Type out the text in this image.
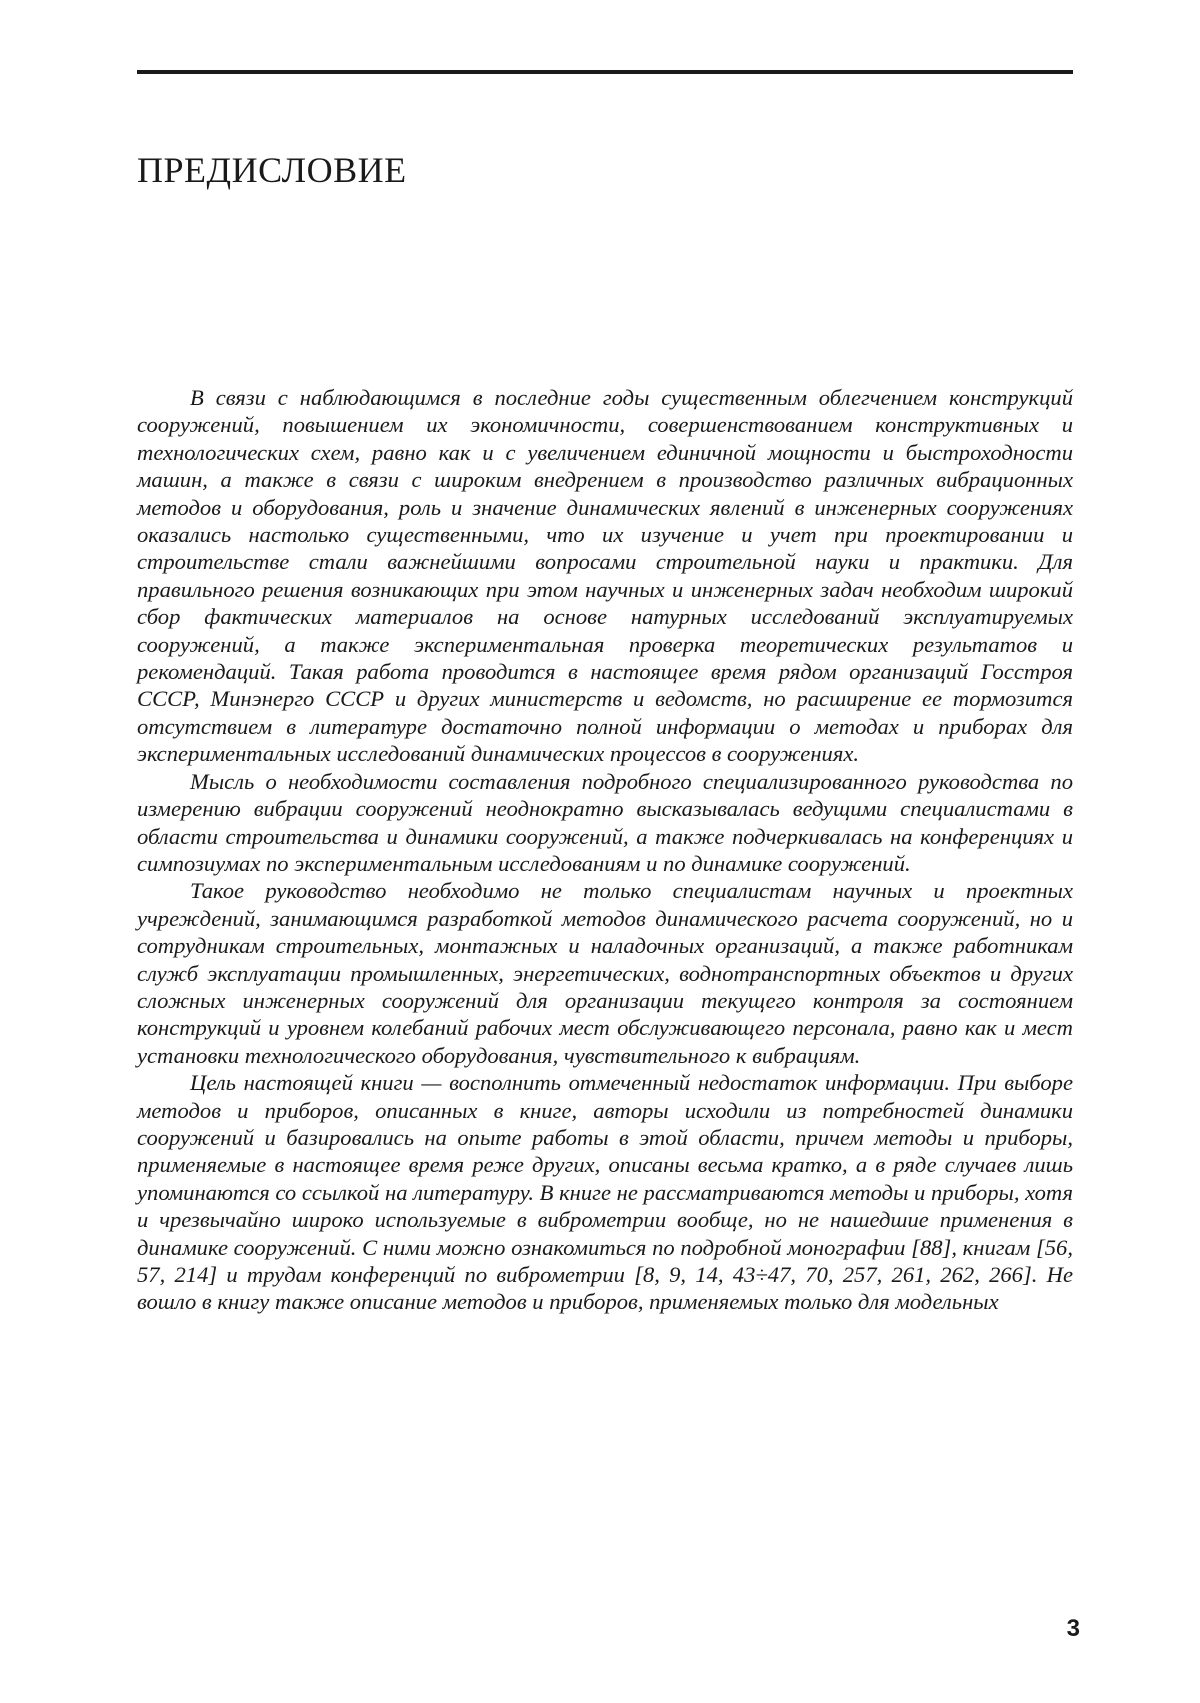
ПРЕДИСЛОВИЕ

В связи с наблюдающимся в последние годы существенным облегчением конструкций сооружений, повышением их экономичности, совершенствованием конструктивных и технологических схем, равно как и с увеличением единичной мощности и быстроходности машин, а также в связи с широким внедрением в производство различных вибрационных методов и оборудования, роль и значение динамических явлений в инженерных сооружениях оказались настолько существенными, что их изучение и учет при проектировании и строительстве стали важнейшими вопросами строительной науки и практики. Для правильного решения возникающих при этом научных и инженерных задач необходим широкий сбор фактических материалов на основе натурных исследований эксплуатируемых сооружений, а также экспериментальная проверка теоретических результатов и рекомендаций. Такая работа проводится в настоящее время рядом организаций Госстроя СССР, Минэнерго СССР и других министерств и ведомств, но расширение ее тормозится отсутствием в литературе достаточно полной информации о методах и приборах для экспериментальных исследований динамических процессов в сооружениях.

Мысль о необходимости составления подробного специализированного руководства по измерению вибрации сооружений неоднократно высказывалась ведущими специалистами в области строительства и динамики сооружений, а также подчеркивалась на конференциях и симпозиумах по экспериментальным исследованиям и по динамике сооружений.

Такое руководство необходимо не только специалистам научных и проектных учреждений, занимающимся разработкой методов динамического расчета сооружений, но и сотрудникам строительных, монтажных и наладочных организаций, а также работникам служб эксплуатации промышленных, энергетических, воднотранспортных объектов и других сложных инженерных сооружений для организации текущего контроля за состоянием конструкций и уровнем колебаний рабочих мест обслуживающего персонала, равно как и мест установки технологического оборудования, чувствительного к вибрациям.

Цель настоящей книги — восполнить отмеченный недостаток информации. При выборе методов и приборов, описанных в книге, авторы исходили из потребностей динамики сооружений и базировались на опыте работы в этой области, причем методы и приборы, применяемые в настоящее время реже других, описаны весьма кратко, а в ряде случаев лишь упоминаются со ссылкой на литературу. В книге не рассматриваются методы и приборы, хотя и чрезвычайно широко используемые в виброметрии вообще, но не нашедшие применения в динамике сооружений. С ними можно ознакомиться по подробной монографии [88], книгам [56, 57, 214] и трудам конференций по виброметрии [8, 9, 14, 43÷47, 70, 257, 261, 262, 266]. Не вошло в книгу также описание методов и приборов, применяемых только для модельных

3
